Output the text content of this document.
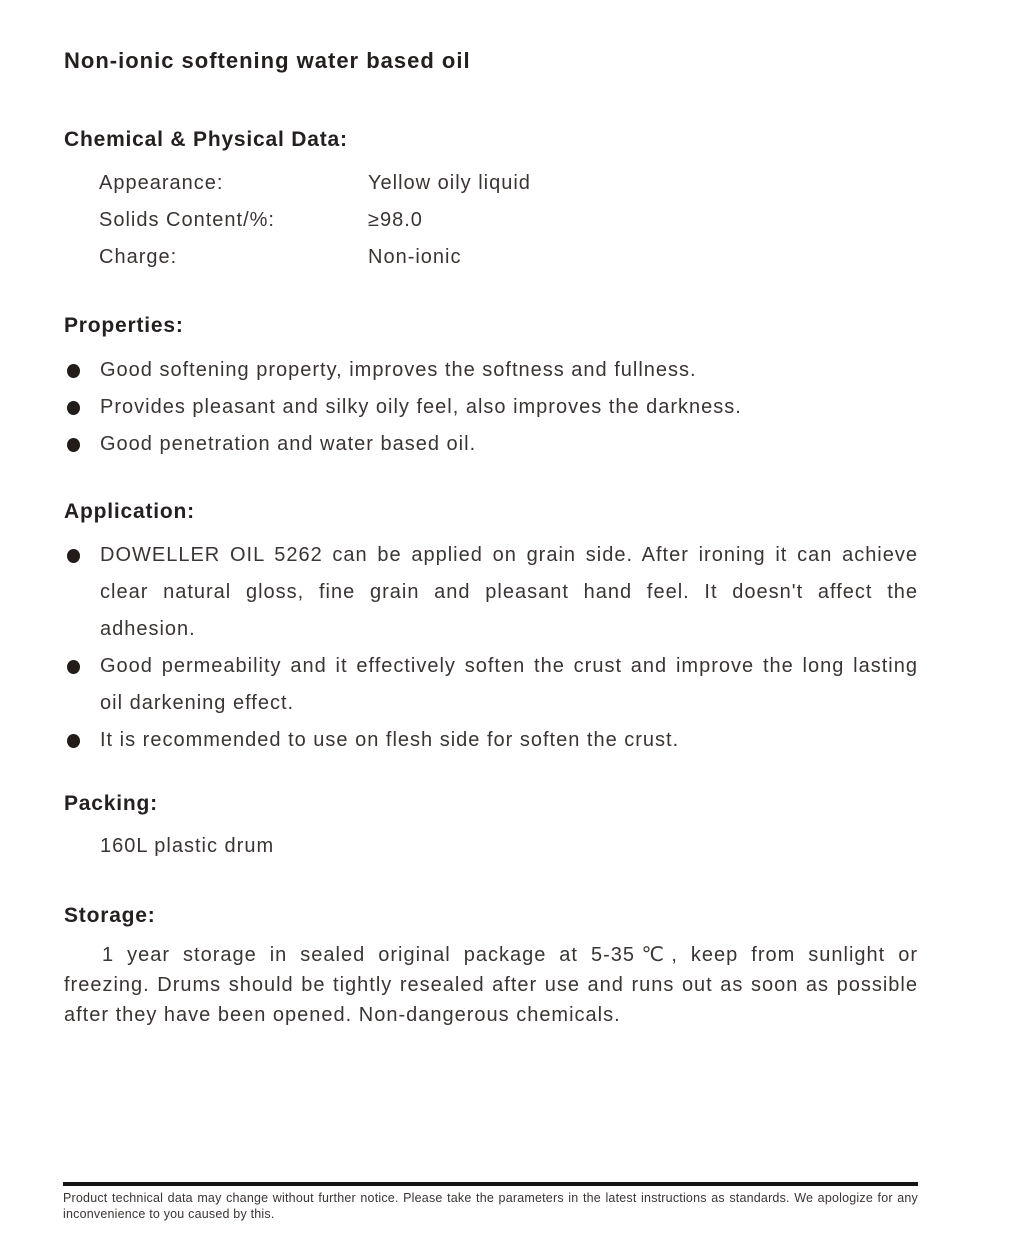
Non-ionic softening water based oil
Chemical & Physical Data:
Appearance:	Yellow oily liquid
Solids Content/%:	≥98.0
Charge:	Non-ionic
Properties:
Good softening property, improves the softness and fullness.
Provides pleasant and silky oily feel, also improves the darkness.
Good penetration and water based oil.
Application:
DOWELLER OIL 5262 can be applied on grain side. After ironing it can achieve clear natural gloss, fine grain and pleasant hand feel. It doesn't affect the adhesion.
Good permeability and it effectively soften the crust and improve the long lasting oil darkening effect.
It is recommended to use on flesh side for soften the crust.
Packing:

160L plastic drum

Storage:

1 year storage in sealed original package at 5-35℃, keep from sunlight or freezing. Drums should be tightly resealed after use and runs out as soon as possible after they have been opened. Non-dangerous chemicals.

Product technical data may change without further notice. Please take the parameters in the latest instructions as standards. We apologize for any inconvenience to you caused by this.
